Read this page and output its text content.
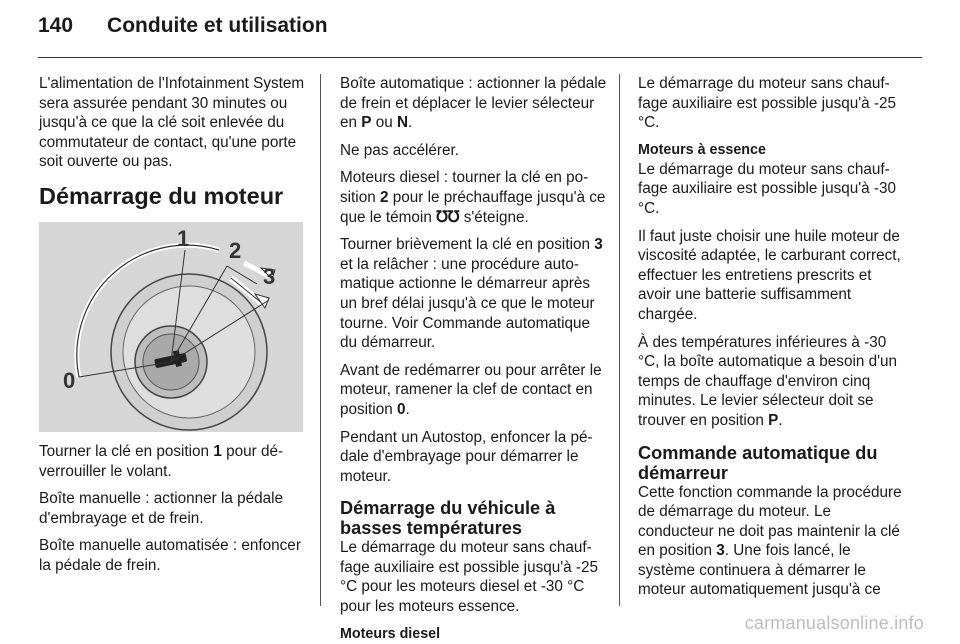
140 Conduite et utilisation

L'alimentation de l'Infotainment System sera assurée pendant 30 minutes ou jusqu'à ce que la clé soit enlevée du commutateur de contact, qu'une porte soit ouverte ou pas.

Démarrage du moteur
0
1 2
3

Tourner la clé en position 1 pour déverrouiller le volant.

Boîte manuelle : actionner la pédale d'embrayage et de frein.

Boîte manuelle automatisée : enfoncer la pédale de frein.

Boîte automatique : actionner la pédale de frein et déplacer le levier sélecteur en P ou N.

Ne pas accélérer.

Moteurs diesel : tourner la clé en position 2 pour le préchauffage jusqu'à ce que le témoin ℧℧ s'éteigne.

Tourner brièvement la clé en position 3 et la relâcher : une procédure automatique actionne le démarreur après un bref délai jusqu'à ce que le moteur tourne. Voir Commande automatique du démarreur.

Avant de redémarrer ou pour arrêter le moteur, ramener la clef de contact en position 0.

Pendant un Autostop, enfoncer la pédale d'embrayage pour démarrer le moteur.

Démarrage du véhicule à basses températures

Le démarrage du moteur sans chauffage auxiliaire est possible jusqu'à -25 °C pour les moteurs diesel et -30 °C pour les moteurs essence.

Moteurs diesel

Le démarrage du moteur sans chauffage auxiliaire est possible jusqu'à -25 °C.

Moteurs à essence

Le démarrage du moteur sans chauffage auxiliaire est possible jusqu'à -30 °C.

Il faut juste choisir une huile moteur de viscosité adaptée, le carburant correct, effectuer les entretiens prescrits et avoir une batterie suffisamment chargée.

À des températures inférieures à -30 °C, la boîte automatique a besoin d'un temps de chauffage d'environ cinq minutes. Le levier sélecteur doit se trouver en position P.

Commande automatique du démarreur

Cette fonction commande la procédure de démarrage du moteur. Le conducteur ne doit pas maintenir la clé en position 3. Une fois lancé, le système continuera à démarrer le moteur automatiquement jusqu'à ce

carmanualsonline.info
